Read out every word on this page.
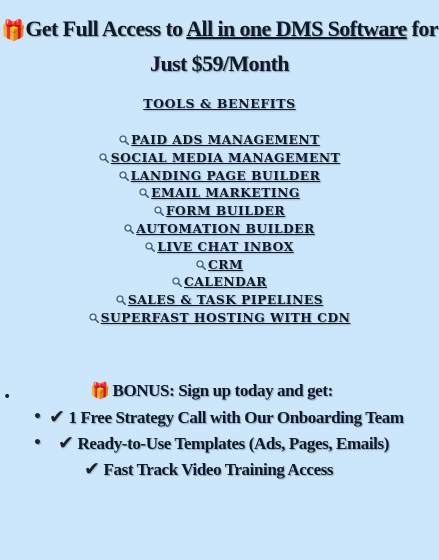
🎁Get Full Access to All in one DMS Software for
Just $59/Month
TOOLS & BENEFITS
PAID ADS MANAGEMENT
SOCIAL MEDIA MANAGEMENT
LANDING PAGE BUILDER
EMAIL MARKETING
FORM BUILDER
AUTOMATION BUILDER
LIVE CHAT INBOX
CRM
CALENDAR
SALES & TASK PIPELINES
SUPERFAST HOSTING WITH CDN
•	🎁 BONUS: Sign up today and get:
• ✔ 1 Free Strategy Call with Our Onboarding Team
• ✔ Ready-to-Use Templates (Ads, Pages, Emails)
✔ Fast Track Video Training Access
